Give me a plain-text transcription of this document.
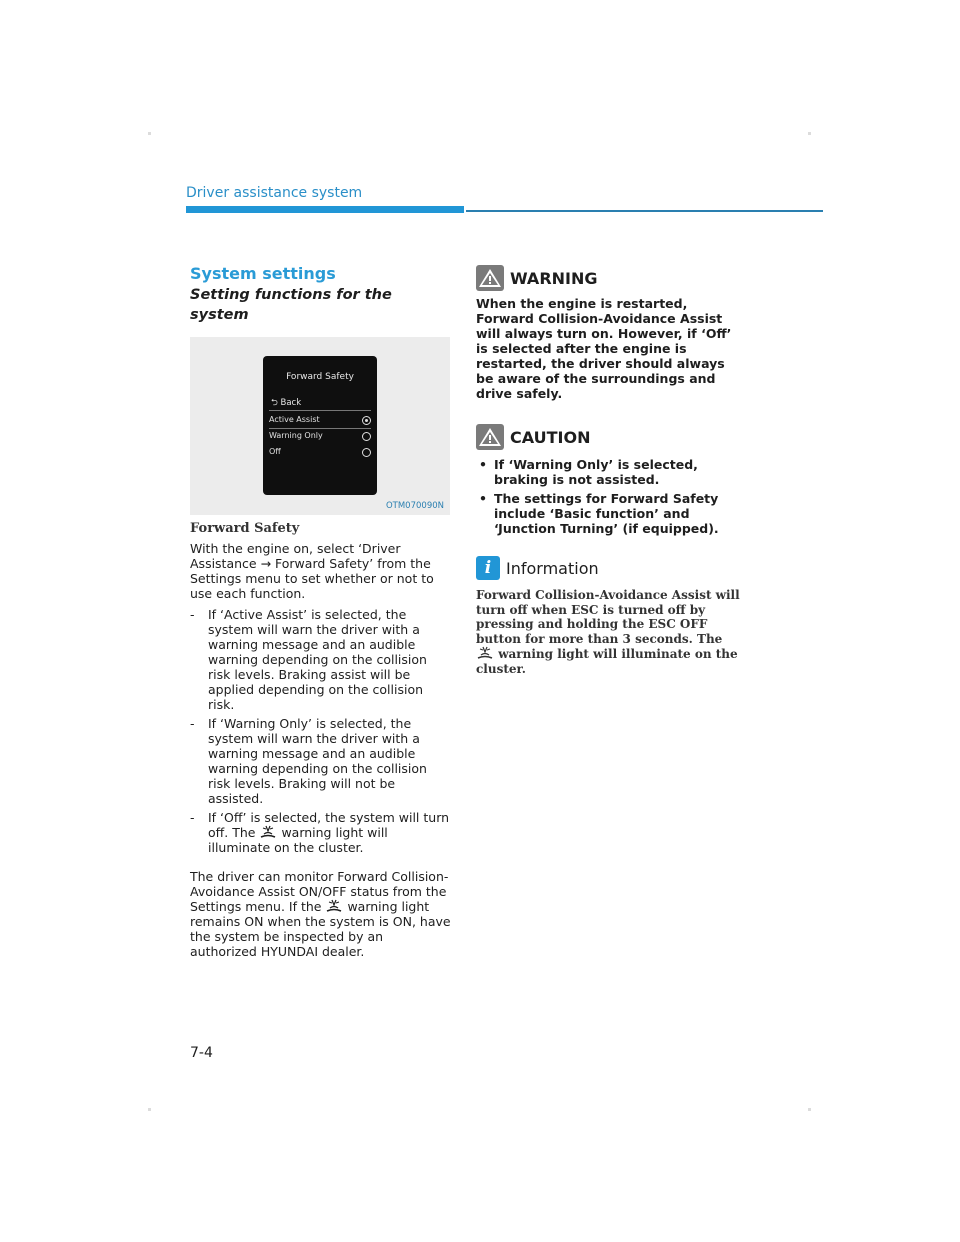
Driver assistance system
System settings
Setting functions for the system
Forward Safety
⮌ Back
Active Assist
Warning Only
Off
OTM070090N
Forward Safety

With the engine on, select ‘Driver Assistance → Forward Safety’ from the Settings menu to set whether or not to use each function.

- If ‘Active Assist’ is selected, the system will warn the driver with a warning message and an audible warning depending on the collision risk levels. Braking assist will be applied depending on the collision risk.
- If ‘Warning Only’ is selected, the system will warn the driver with a warning message and an audible warning depending on the collision risk levels. Braking will not be assisted.
- If ‘Off’ is selected, the system will turn off. The warning light will illuminate on the cluster.

The driver can monitor Forward Collision-Avoidance Assist ON/OFF status from the Settings menu. If the warning light remains ON when the system is ON, have the system be inspected by an authorized HYUNDAI dealer.

WARNING

When the engine is restarted, Forward Collision-Avoidance Assist will always turn on. However, if ‘Off’ is selected after the engine is restarted, the driver should always be aware of the surroundings and drive safely.

CAUTION
• If ‘Warning Only’ is selected, braking is not assisted.
• The settings for Forward Safety include ‘Basic function’ and ‘Junction Turning’ (if equipped).
i Information

Forward Collision-Avoidance Assist will turn off when ESC is turned off by pressing and holding the ESC OFF button for more than 3 seconds. The  warning light will illuminate on the cluster.

7-4
